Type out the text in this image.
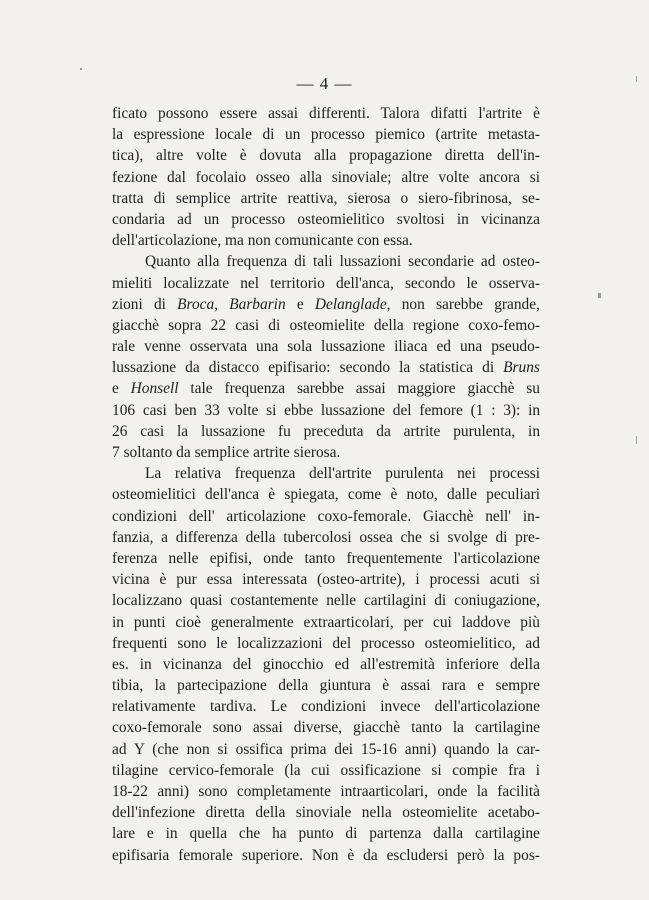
— 4 —
ficato possono essere assai differenti. Talora difatti l'artrite è
la espressione locale di un processo piemico (artrite metasta-
tica), altre volte è dovuta alla propagazione diretta dell'in-
fezione dal focolaio osseo alla sinoviale; altre volte ancora si
tratta di semplice artrite reattiva, sierosa o siero-fibrinosa, se-
condaria ad un processo osteomielitico svoltosi in vicinanza
dell'articolazione, ma non comunicante con essa.
Quanto alla frequenza di tali lussazioni secondarie ad osteo-
mieliti localizzate nel territorio dell'anca, secondo le osserva-
zioni di Broca, Barbarin e Delanglade, non sarebbe grande,
giacchè sopra 22 casi di osteomielite della regione coxo-femo-
rale venne osservata una sola lussazione iliaca ed una pseudo-
lussazione da distacco epifisario: secondo la statistica di Bruns
e Honsell tale frequenza sarebbe assai maggiore giacchè su
106 casi ben 33 volte si ebbe lussazione del femore (1 : 3): in
26 casi la lussazione fu preceduta da artrite purulenta, in
7 soltanto da semplice artrite sierosa.
La relativa frequenza dell'artrite purulenta nei processi
osteomielitici dell'anca è spiegata, come è noto, dalle peculiari
condizioni dell' articolazione coxo-femorale. Giacchè nell' in-
fanzia, a differenza della tubercolosi ossea che si svolge di pre-
ferenza nelle epifisi, onde tanto frequentemente l'articolazione
vicina è pur essa interessata (osteo-artrite), i processi acuti si
localizzano quasi costantemente nelle cartilagini di coniugazione,
in punti cioè generalmente extraarticolari, per cui laddove più
frequenti sono le localizzazioni del processo osteomielitico, ad
es. in vicinanza del ginocchio ed all'estremità inferiore della
tibia, la partecipazione della giuntura è assai rara e sempre
relativamente tardiva. Le condizioni invece dell'articolazione
coxo-femorale sono assai diverse, giacchè tanto la cartilagine
ad Y (che non si ossifica prima dei 15-16 anni) quando la car-
tilagine cervico-femorale (la cui ossificazione si compie fra i
18-22 anni) sono completamente intraarticolari, onde la facilità
dell'infezione diretta della sinoviale nella osteomielite acetabo-
lare e in quella che ha punto di partenza dalla cartilagine
epifisaria femorale superiore. Non è da escludersi però la pos-
